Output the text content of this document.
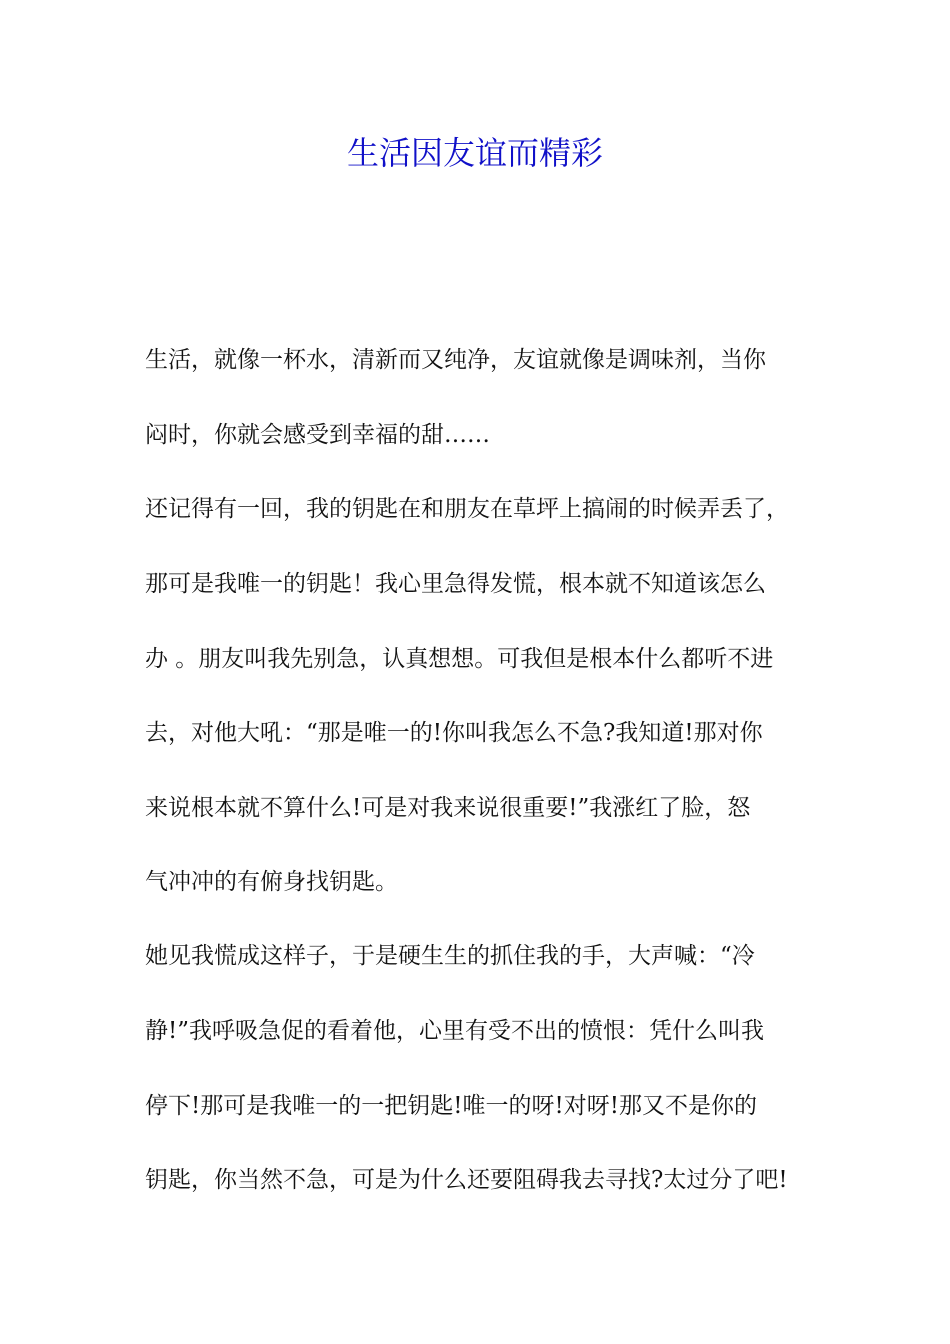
生活因友谊而精彩

生活，就像一杯水，清新而又纯净，友谊就像是调味剂，当你

闷时，你就会感受到幸福的甜……

还记得有一回，我的钥匙在和朋友在草坪上搞闹的时候弄丢了，

那可是我唯一的钥匙！我心里急得发慌，根本就不知道该怎么

办 。朋友叫我先别急，认真想想。可我但是根本什么都听不进

去，对他大吼：“那是唯一的!你叫我怎么不急?我知道!那对你

来说根本就不算什么!可是对我来说很重要!”我涨红了脸，怒

气冲冲的有俯身找钥匙。

她见我慌成这样子，于是硬生生的抓住我的手，大声喊：“冷

静!”我呼吸急促的看着他，心里有受不出的愤恨：凭什么叫我

停下!那可是我唯一的一把钥匙!唯一的呀!对呀!那又不是你的

钥匙，你当然不急，可是为什么还要阻碍我去寻找?太过分了吧!
